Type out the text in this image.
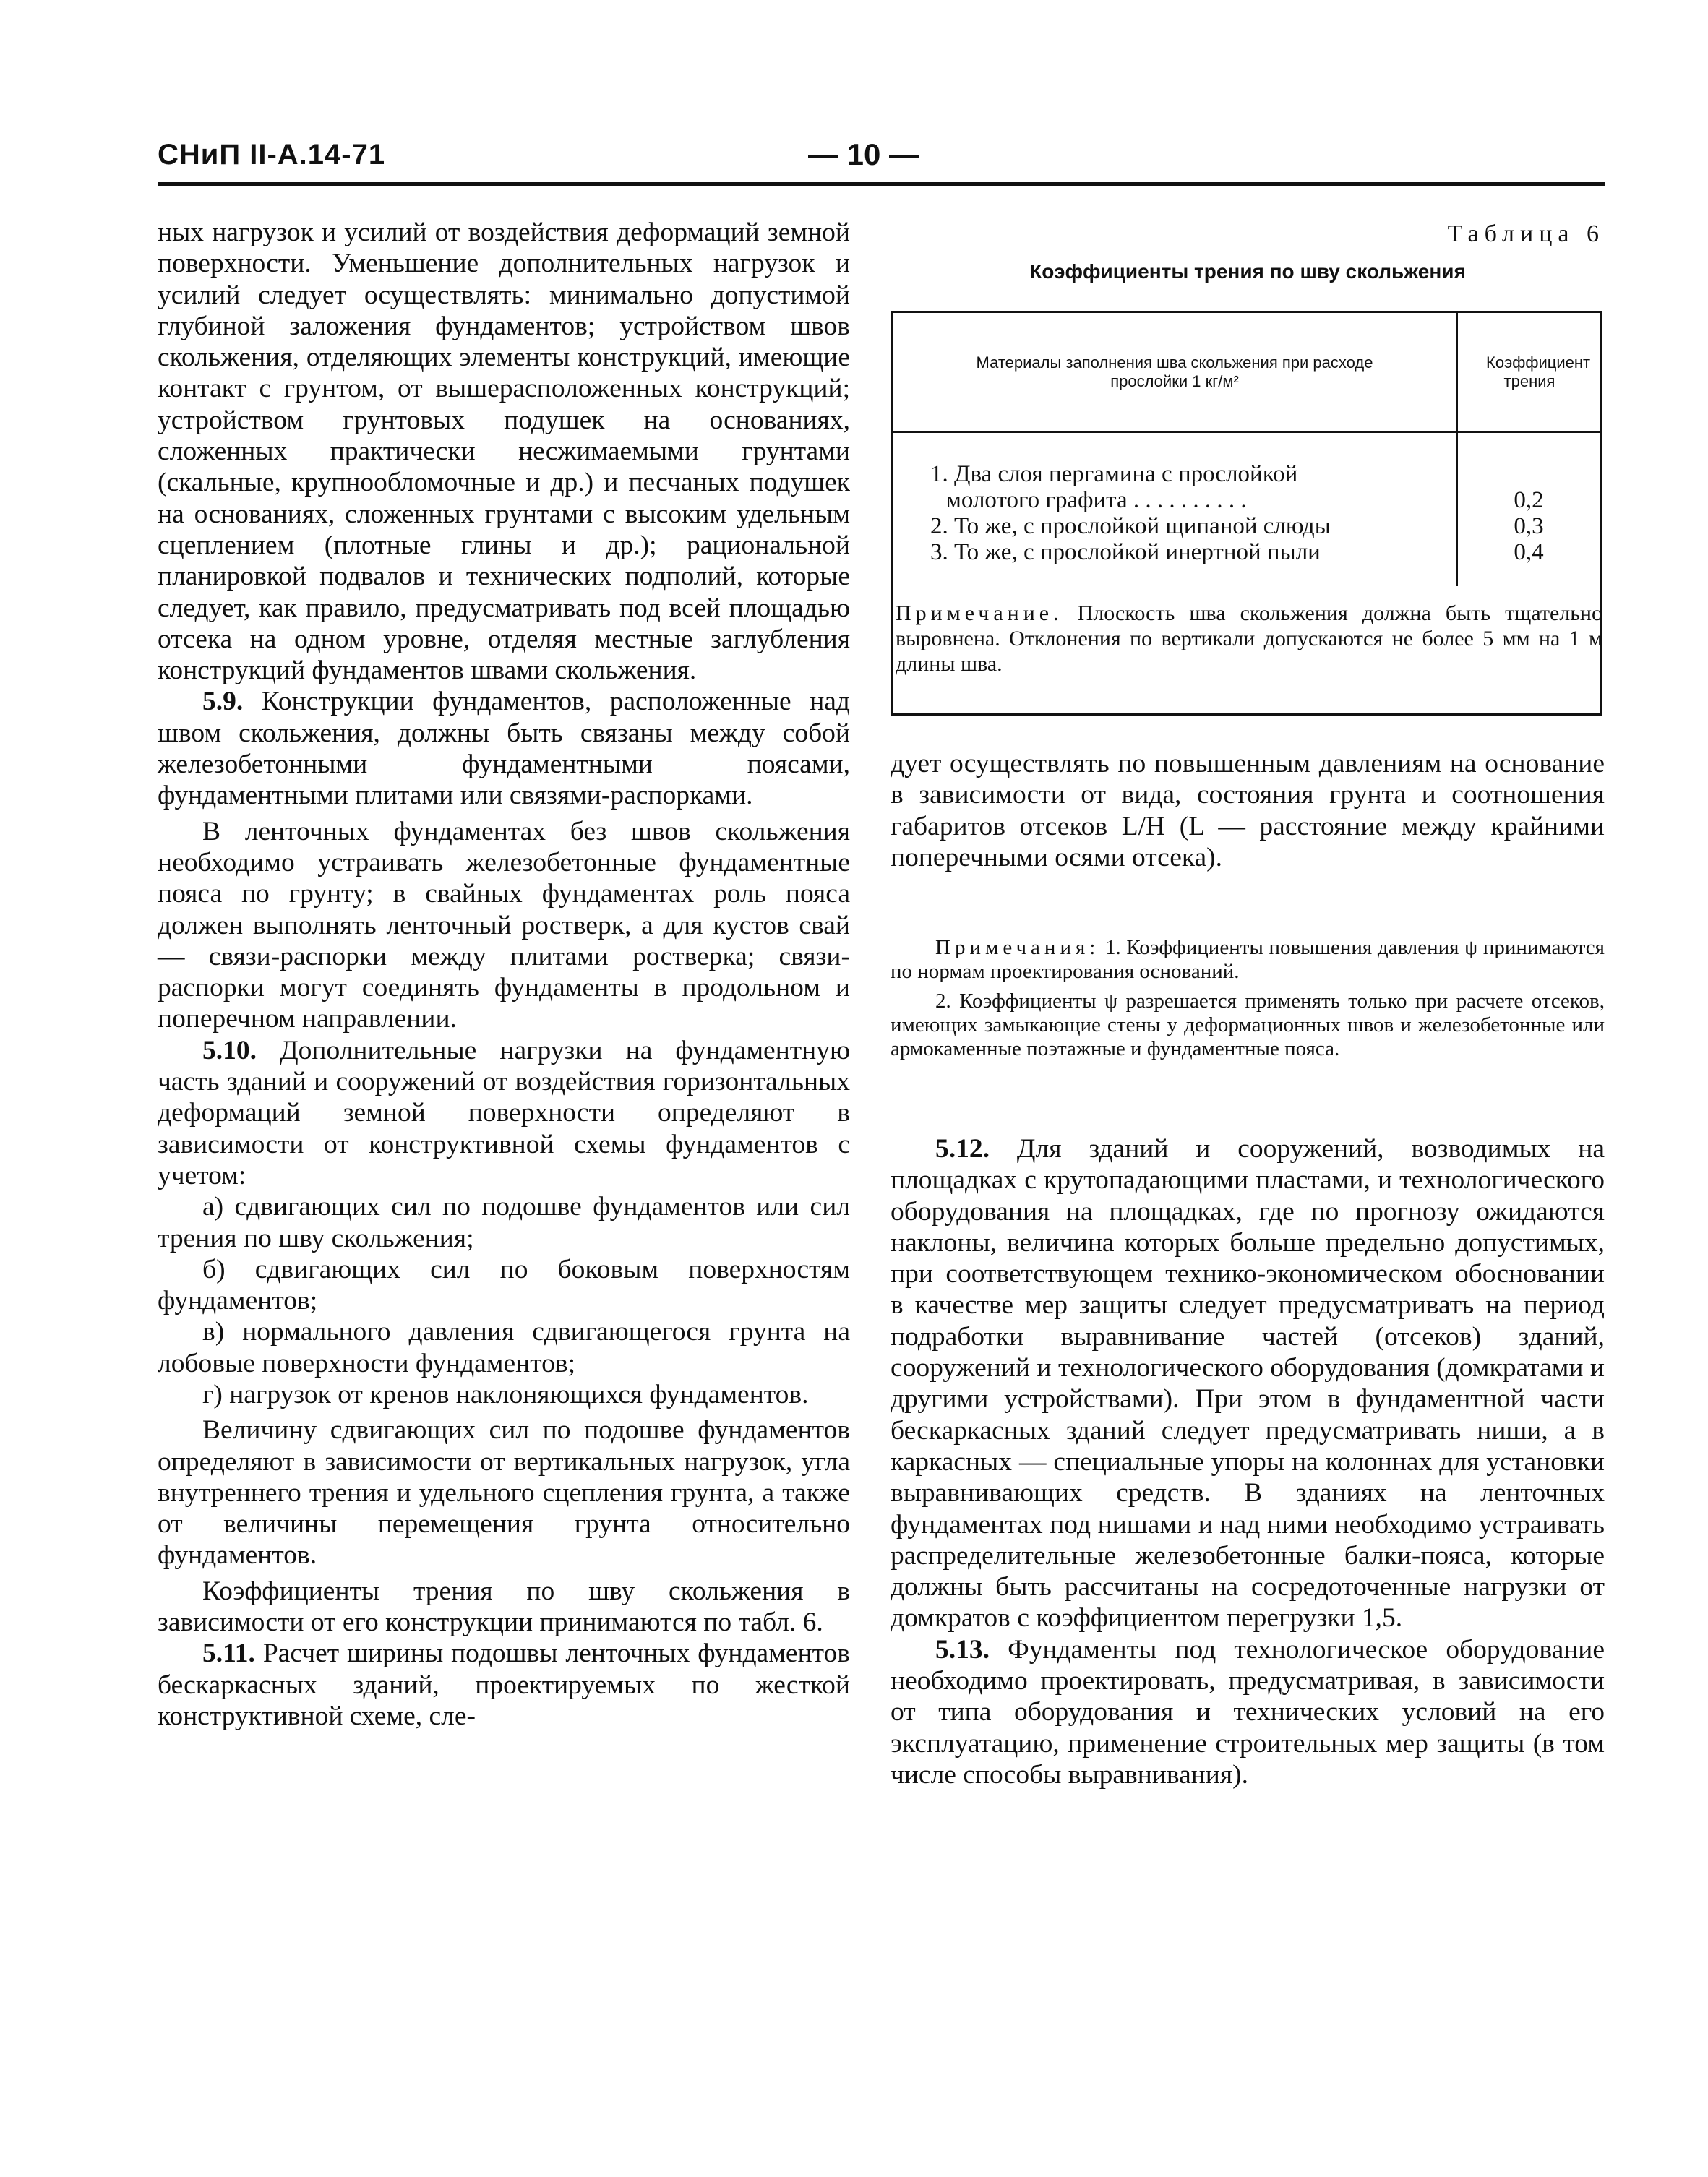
СНиП II-А.14-71	— 10 —

ных нагрузок и усилий от воздействия деформаций земной поверхности. Уменьшение дополнительных нагрузок и усилий следует осуществлять: минимально допустимой глубиной заложения фундаментов; устройством швов скольжения, отделяющих элементы конструкций, имеющие контакт с грунтом, от вышерасположенных конструкций; устройством грунтовых подушек на основаниях, сложенных практически несжимаемыми грунтами (скальные, крупнообломочные и др.) и песчаных подушек на основаниях, сложенных грунтами с высоким удельным сцеплением (плотные глины и др.); рациональной планировкой подвалов и технических подполий, которые следует, как правило, предусматривать под всей площадью отсека на одном уровне, отделяя местные заглубления конструкций фундаментов швами скольжения.

5.9. Конструкции фундаментов, расположенные над швом скольжения, должны быть связаны между собой железобетонными фундаментными поясами, фундаментными плитами или связями-распорками.

В ленточных фундаментах без швов скольжения необходимо устраивать железобетонные фундаментные пояса по грунту; в свайных фундаментах роль пояса должен выполнять ленточный ростверк, а для кустов свай — связи-распорки между плитами ростверка; связи-распорки могут соединять фундаменты в продольном и поперечном направлении.

5.10. Дополнительные нагрузки на фундаментную часть зданий и сооружений от воздействия горизонтальных деформаций земной поверхности определяют в зависимости от конструктивной схемы фундаментов с учетом:

а) сдвигающих сил по подошве фундаментов или сил трения по шву скольжения;

б) сдвигающих сил по боковым поверхностям фундаментов;

в) нормального давления сдвигающегося грунта на лобовые поверхности фундаментов;

г) нагрузок от кренов наклоняющихся фундаментов.

Величину сдвигающих сил по подошве фундаментов определяют в зависимости от вертикальных нагрузок, угла внутреннего трения и удельного сцепления грунта, а также от величины перемещения грунта относительно фундаментов.

Коэффициенты трения по шву скольжения в зависимости от его конструкции принимаются по табл. 6.

5.11. Расчет ширины подошвы ленточных фундаментов бескаркасных зданий, проектируемых по жесткой конструктивной схеме, сле-

Таблица 6
Коэффициенты трения по шву скольжения
Материалы заполнения шва скольжения при расходе прослойки 1 кг/м²
Коэффициент трения
1. Два слоя пергамина с прослойкой
молотого графита . . . . . . . . . .	0,2
2. То же, с прослойкой щипаной слюды	0,3
3. То же, с прослойкой инертной пыли	0,4
Примечание. Плоскость шва скольжения должна быть тщательно выровнена. Отклонения по вертикали допускаются не более 5 мм на 1 м длины шва.

дует осуществлять по повышенным давлениям на основание в зависимости от вида, состояния грунта и соотношения габаритов отсеков L/H (L — расстояние между крайними поперечными осями отсека).

Примечания: 1. Коэффициенты повышения давления ψ принимаются по нормам проектирования оснований.

2. Коэффициенты ψ разрешается применять только при расчете отсеков, имеющих замыкающие стены у деформационных швов и железобетонные или армокаменные поэтажные и фундаментные пояса.

5.12. Для зданий и сооружений, возводимых на площадках с крутопадающими пластами, и технологического оборудования на площадках, где по прогнозу ожидаются наклоны, величина которых больше предельно допустимых, при соответствующем технико-экономическом обосновании в качестве мер защиты следует предусматривать на период подработки выравнивание частей (отсеков) зданий, сооружений и технологического оборудования (домкратами и другими устройствами). При этом в фундаментной части бескаркасных зданий следует предусматривать ниши, а в каркасных — специальные упоры на колоннах для установки выравнивающих средств. В зданиях на ленточных фундаментах под нишами и над ними необходимо устраивать распределительные железобетонные балки-пояса, которые должны быть рассчитаны на сосредоточенные нагрузки от домкратов с коэффициентом перегрузки 1,5.

5.13. Фундаменты под технологическое оборудование необходимо проектировать, предусматривая, в зависимости от типа оборудования и технических условий на его эксплуатацию, применение строительных мер защиты (в том числе способы выравнивания).
